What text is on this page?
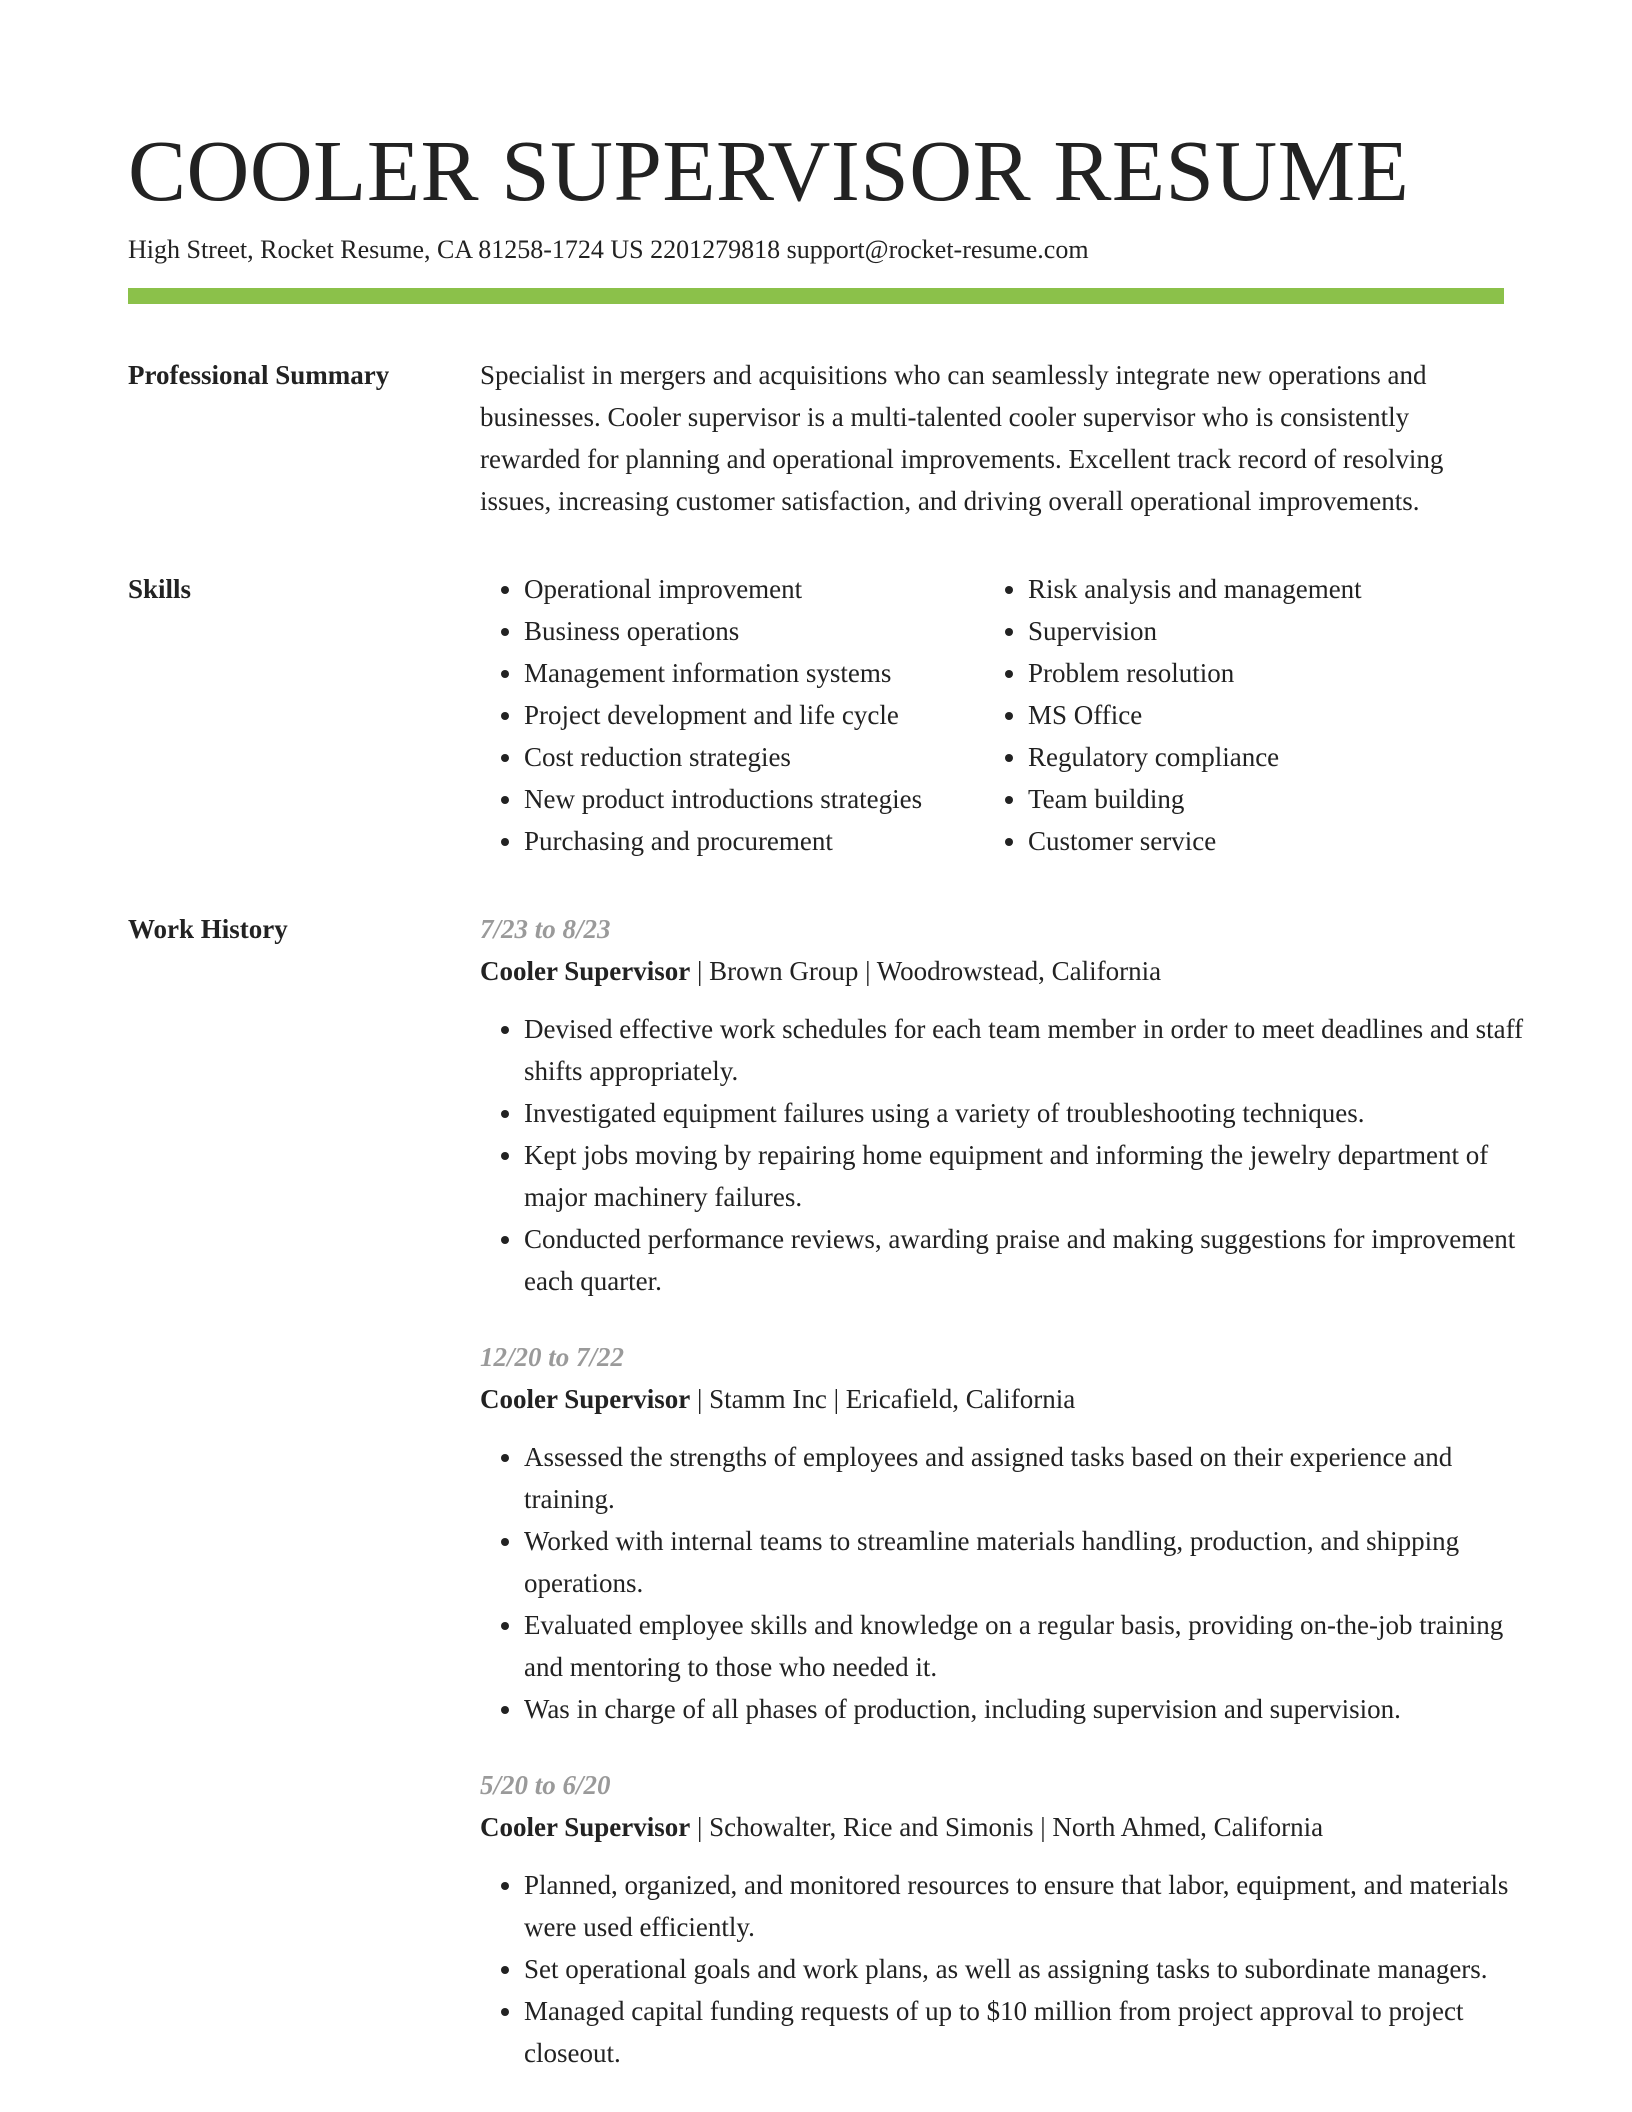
COOLER SUPERVISOR RESUME
High Street, Rocket Resume, CA 81258-1724 US 2201279818 support@rocket-resume.com
Professional Summary	Specialist in mergers and acquisitions who can seamlessly integrate new operations and businesses. Cooler supervisor is a multi-talented cooler supervisor who is consistently rewarded for planning and operational improvements. Excellent track record of resolving issues, increasing customer satisfaction, and driving overall operational improvements.

Skills
•	Operational improvement
• Business operations
• Management information systems
• Project development and life cycle
• Cost reduction strategies
• New product introductions strategies
• Purchasing and procurement
• Risk analysis and management
• Supervision
• Problem resolution
• MS Office
• Regulatory compliance
• Team building
• Customer service
Work History	7/23 to 8/23
Cooler Supervisor | Brown Group | Woodrowstead, California
• Devised effective work schedules for each team member in order to meet deadlines and staff shifts appropriately.
• Investigated equipment failures using a variety of troubleshooting techniques.
• Kept jobs moving by repairing home equipment and informing the jewelry department of major machinery failures.
• Conducted performance reviews, awarding praise and making suggestions for improvement each quarter.
12/20 to 7/22
Cooler Supervisor | Stamm Inc | Ericafield, California
• Assessed the strengths of employees and assigned tasks based on their experience and training.
• Worked with internal teams to streamline materials handling, production, and shipping operations.
• Evaluated employee skills and knowledge on a regular basis, providing on-the-job training and mentoring to those who needed it.
• Was in charge of all phases of production, including supervision and supervision.
5/20 to 6/20
Cooler Supervisor | Schowalter, Rice and Simonis | North Ahmed, California
• Planned, organized, and monitored resources to ensure that labor, equipment, and materials were used efficiently.
• Set operational goals and work plans, as well as assigning tasks to subordinate managers.
• Managed capital funding requests of up to $10 million from project approval to project closeout.
